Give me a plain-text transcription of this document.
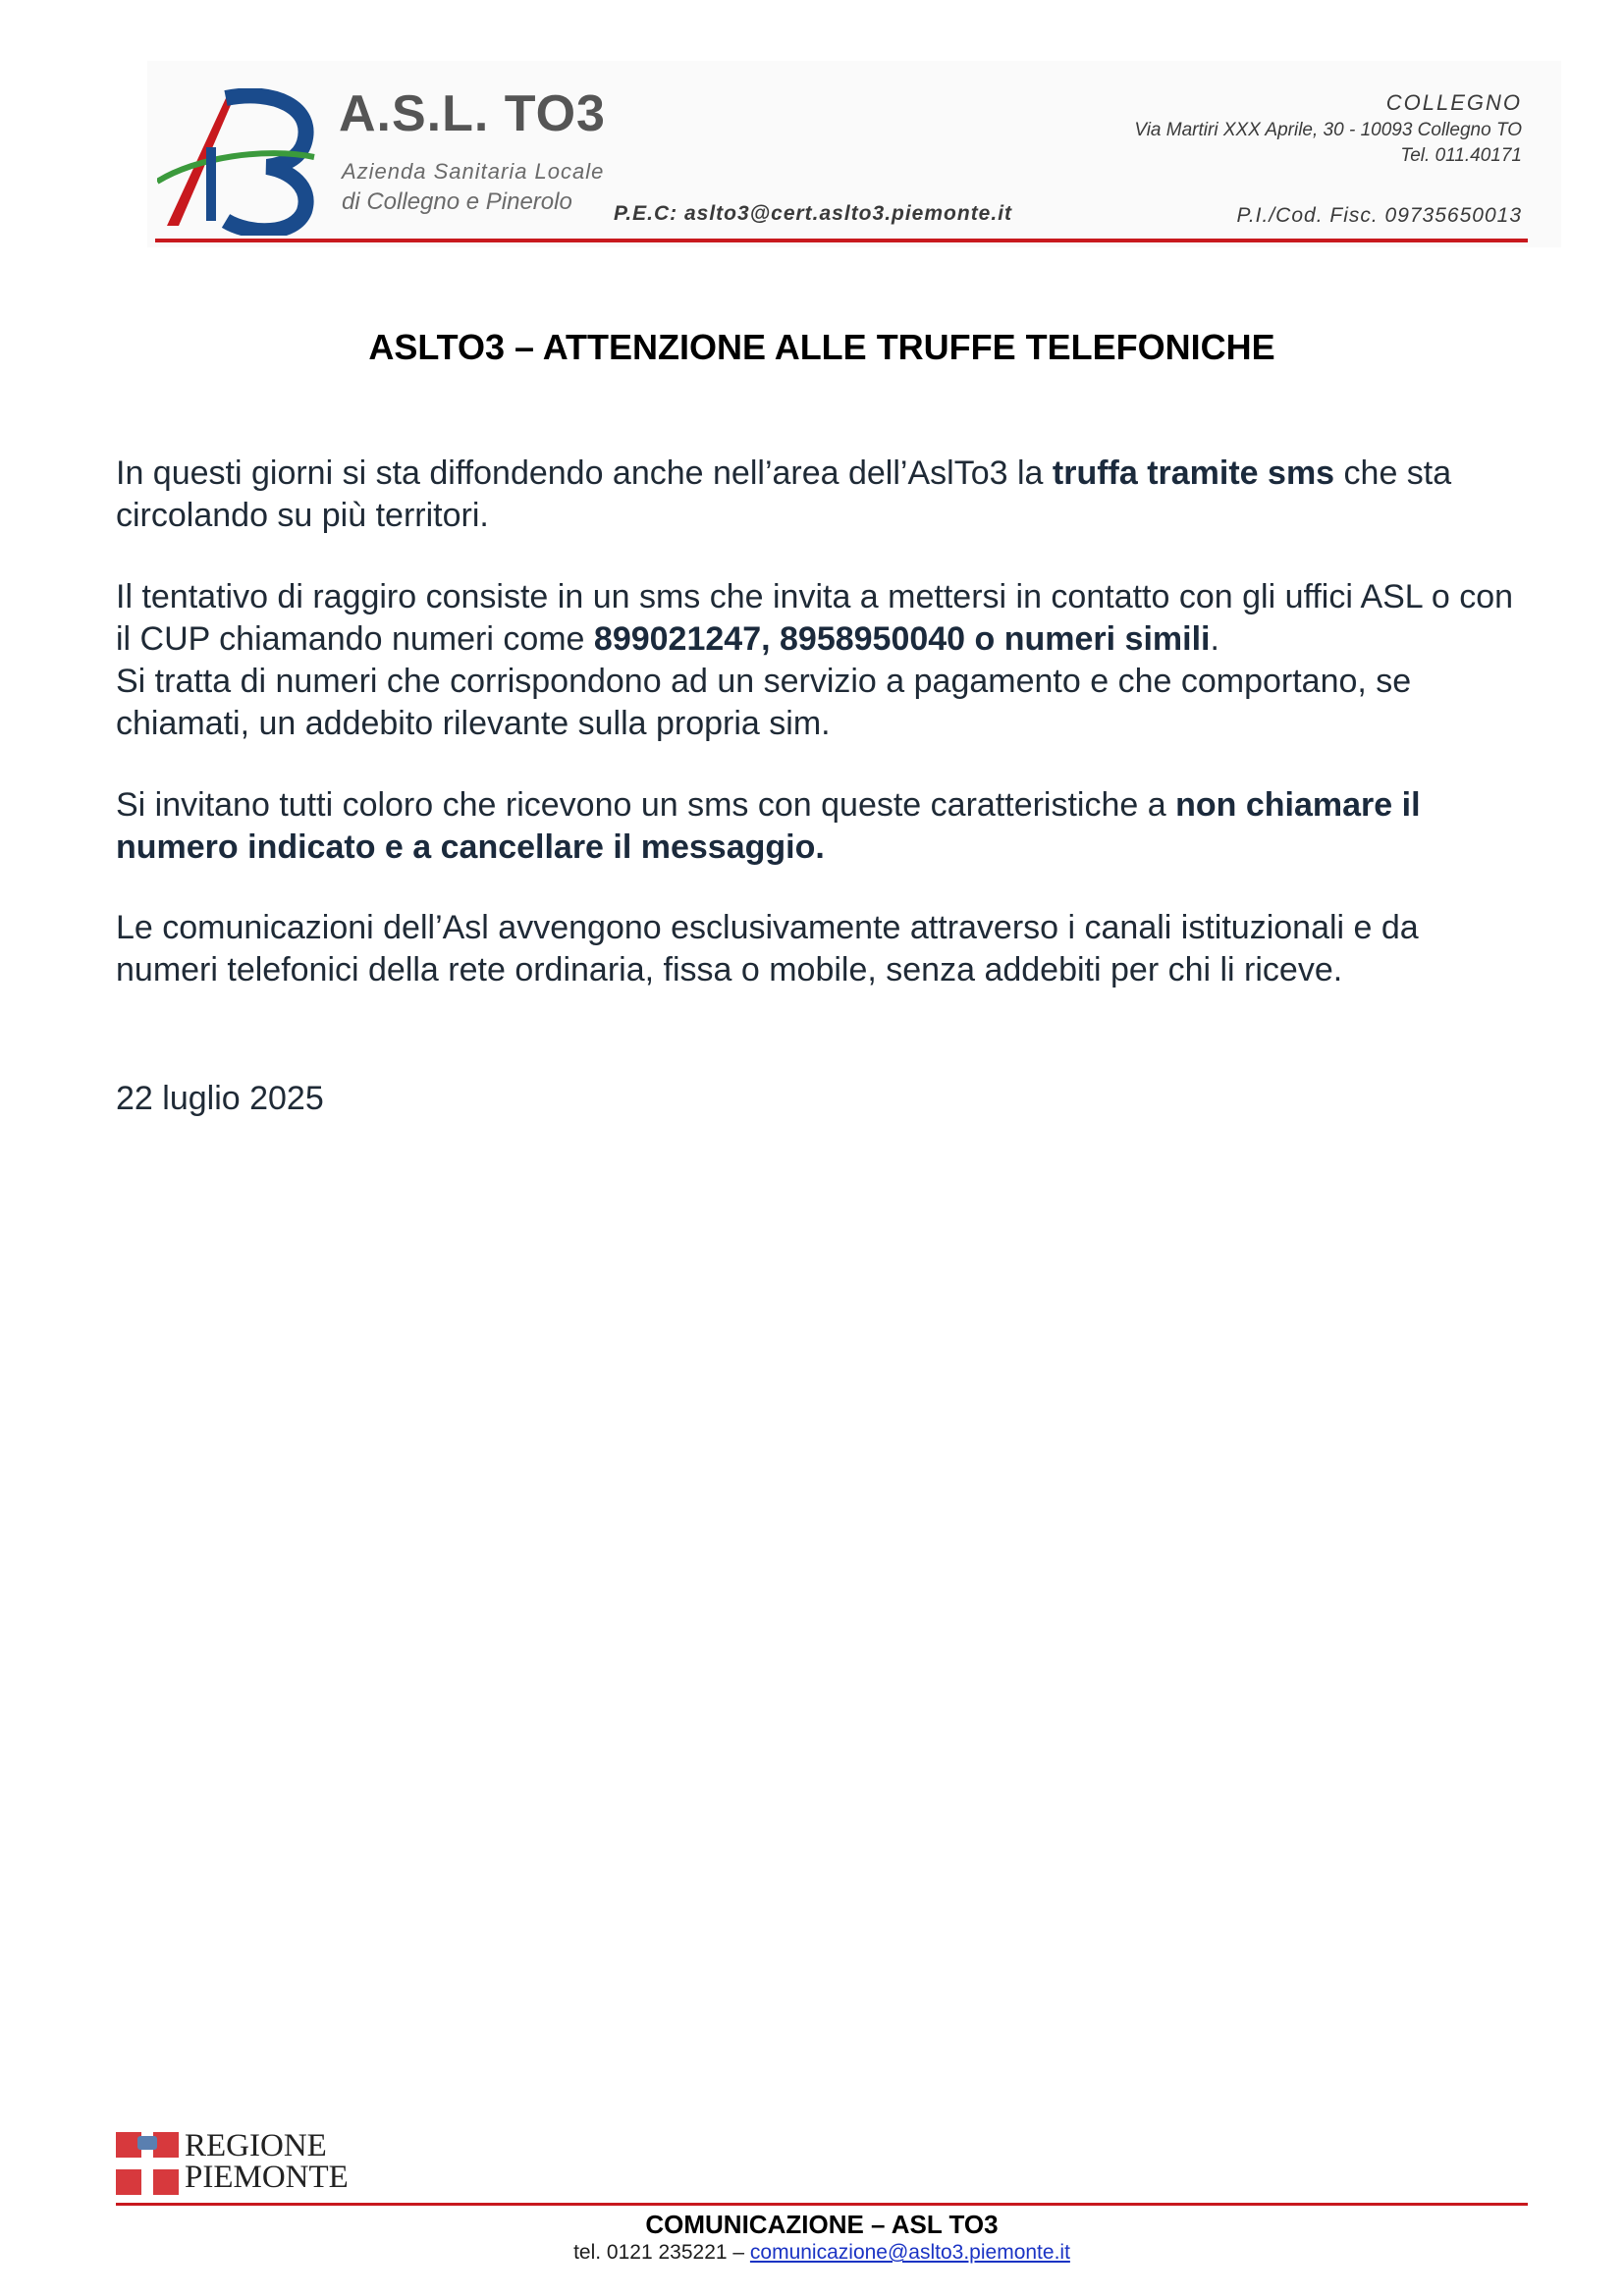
A.S.L. TO3
Azienda Sanitaria Locale
di Collegno e Pinerolo P.E.C: aslto3@cert.aslto3.piemonte.it
COLLEGNO
Via Martiri XXX Aprile, 30 - 10093 Collegno TO
Tel. 011.40171
P.I./Cod. Fisc. 09735650013
ASLTO3 – ATTENZIONE ALLE TRUFFE TELEFONICHE
In questi giorni si sta diffondendo anche nell’area dell’AslTo3 la truffa tramite sms che sta circolando su più territori.
Il tentativo di raggiro consiste in un sms che invita a mettersi in contatto con gli uffici ASL o con il CUP chiamando numeri come 899021247, 8958950040 o numeri simili.
Si tratta di numeri che corrispondono ad un servizio a pagamento e che comportano, se chiamati, un addebito rilevante sulla propria sim.
Si invitano tutti coloro che ricevono un sms con queste caratteristiche a non chiamare il numero indicato e a cancellare il messaggio.
Le comunicazioni dell’Asl avvengono esclusivamente attraverso i canali istituzionali e da numeri telefonici della rete ordinaria, fissa o mobile, senza addebiti per chi li riceve.
22 luglio 2025
REGIONE
PIEMONTE
COMUNICAZIONE – ASL TO3
tel. 0121 235221 – comunicazione@aslto3.piemonte.it
